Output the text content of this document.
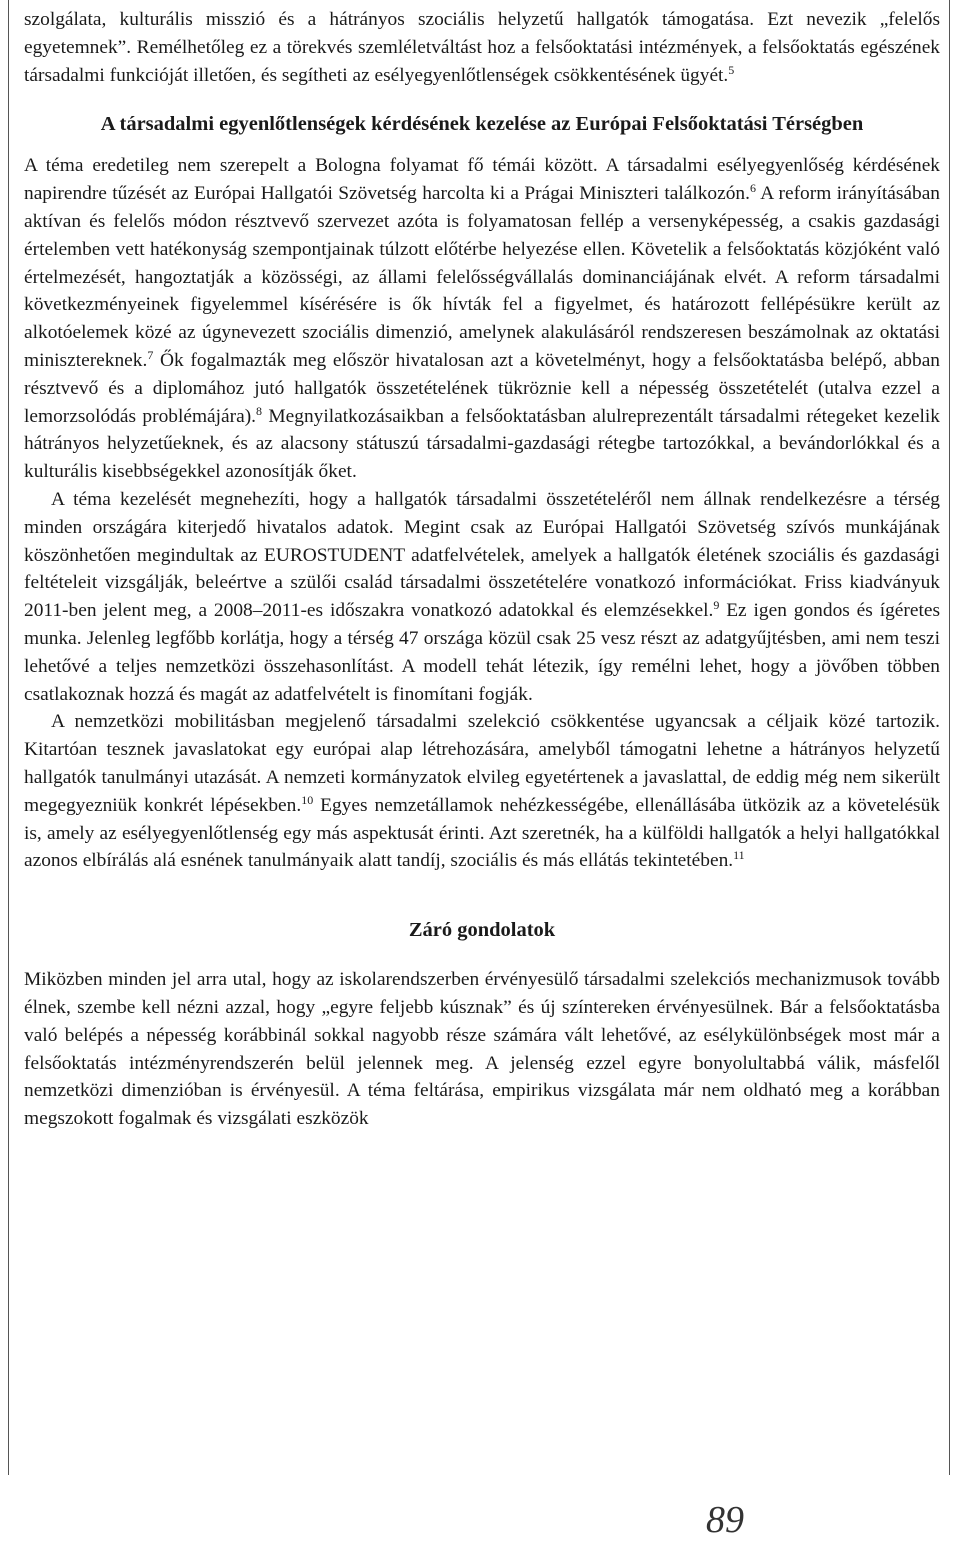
szolgálata, kulturális misszió és a hátrányos szociális helyzetű hallgatók támogatása. Ezt nevezik „felelős egyetemnek”. Remélhetőleg ez a törekvés szemléletváltást hoz a felsőoktatási intézmények, a felsőoktatás egészének társadalmi funkcióját illetően, és segítheti az esélyegyenlőtlenségek csökkentésének ügyét.$^5$

A társadalmi egyenlőtlenségek kérdésének kezelése az Európai Felsőoktatási Térségben

A téma eredetileg nem szerepelt a Bologna folyamat fő témái között. A társadalmi esélyegyenlőség kérdésének napirendre tűzését az Európai Hallgatói Szövetség harcolta ki a Prágai Miniszteri találkozón.$^6$ A reform irányításában aktívan és felelős módon résztvevő szervezet azóta is folyamatosan fellép a versenyképesség, a csakis gazdasági értelemben vett hatékonyság szempontjainak túlzott előtérbe helyezése ellen. Követelik a felsőoktatás közjóként való értelmezését, hangoztatják a közösségi, az állami felelősségvállalás dominanciájának elvét. A reform társadalmi következményeinek figyelemmel kísérésére is ők hívták fel a figyelmet, és határozott fellépésükre került az alkotóelemek közé az úgynevezett szociális dimenzió, amelynek alakulásáról rendszeresen beszámolnak az oktatási minisztereknek.$^7$ Ők fogalmazták meg először hivatalosan azt a követelményt, hogy a felsőoktatásba belépő, abban résztvevő és a diplomához jutó hallgatók összetételének tükröznie kell a népesség összetételét (utalva ezzel a lemorzsolódás problémájára).$^8$ Megnyilatkozásaikban a felsőoktatásban alulreprezentált társadalmi rétegeket kezelik hátrányos helyzetűeknek, és az alacsony státuszú társadalmi-gazdasági rétegbe tartozókkal, a bevándorlókkal és a kulturális kisebbségekkel azonosítják őket.

A téma kezelését megnehezíti, hogy a hallgatók társadalmi összetételéről nem állnak rendelkezésre a térség minden országára kiterjedő hivatalos adatok. Megint csak az Európai Hallgatói Szövetség szívós munkájának köszönhetően megindultak az EUROSTUDENT adatfelvételek, amelyek a hallgatók életének szociális és gazdasági feltételeit vizsgálják, beleértve a szülői család társadalmi összetételére vonatkozó információkat. Friss kiadványuk 2011-ben jelent meg, a 2008–2011-es időszakra vonatkozó adatokkal és elemzésekkel.$^9$ Ez igen gondos és ígéretes munka. Jelenleg legfőbb korlátja, hogy a térség 47 országa közül csak 25 vesz részt az adatgyűjtésben, ami nem teszi lehetővé a teljes nemzetközi összehasonlítást. A modell tehát létezik, így remélni lehet, hogy a jövőben többen csatlakoznak hozzá és magát az adatfelvételt is finomítani fogják.

A nemzetközi mobilitásban megjelenő társadalmi szelekció csökkentése ugyancsak a céljaik közé tartozik. Kitartóan tesznek javaslatokat egy európai alap létrehozására, amelyből támogatni lehetne a hátrányos helyzetű hallgatók tanulmányi utazását. A nemzeti kormányzatok elvileg egyetértenek a javaslattal, de eddig még nem sikerült megegyezniük konkrét lépésekben.$^{10}$ Egyes nemzetállamok nehézkességébe, ellenállásába ütközik az a követelésük is, amely az esélyegyenlőtlenség egy más aspektusát érinti. Azt szeretnék, ha a külföldi hallgatók a helyi hallgatókkal azonos elbírálás alá esnének tanulmányaik alatt tandíj, szociális és más ellátás tekintetében.$^{11}$

Záró gondolatok

Miközben minden jel arra utal, hogy az iskolarendszerben érvényesülő társadalmi szelekciós mechanizmusok tovább élnek, szembe kell nézni azzal, hogy „egyre feljebb kúsznak” és új színtereken érvényesülnek. Bár a felsőoktatásba való belépés a népesség korábbinál sokkal nagyobb része számára vált lehetővé, az esélykülönbségek most már a felsőoktatás intézményrendszerén belül jelennek meg. A jelenség ezzel egyre bonyolultabbá válik, másfelől nemzetközi dimenzióban is érvényesül. A téma feltárása, empirikus vizsgálata már nem oldható meg a korábban megszokott fogalmak és vizsgálati eszközök

89
